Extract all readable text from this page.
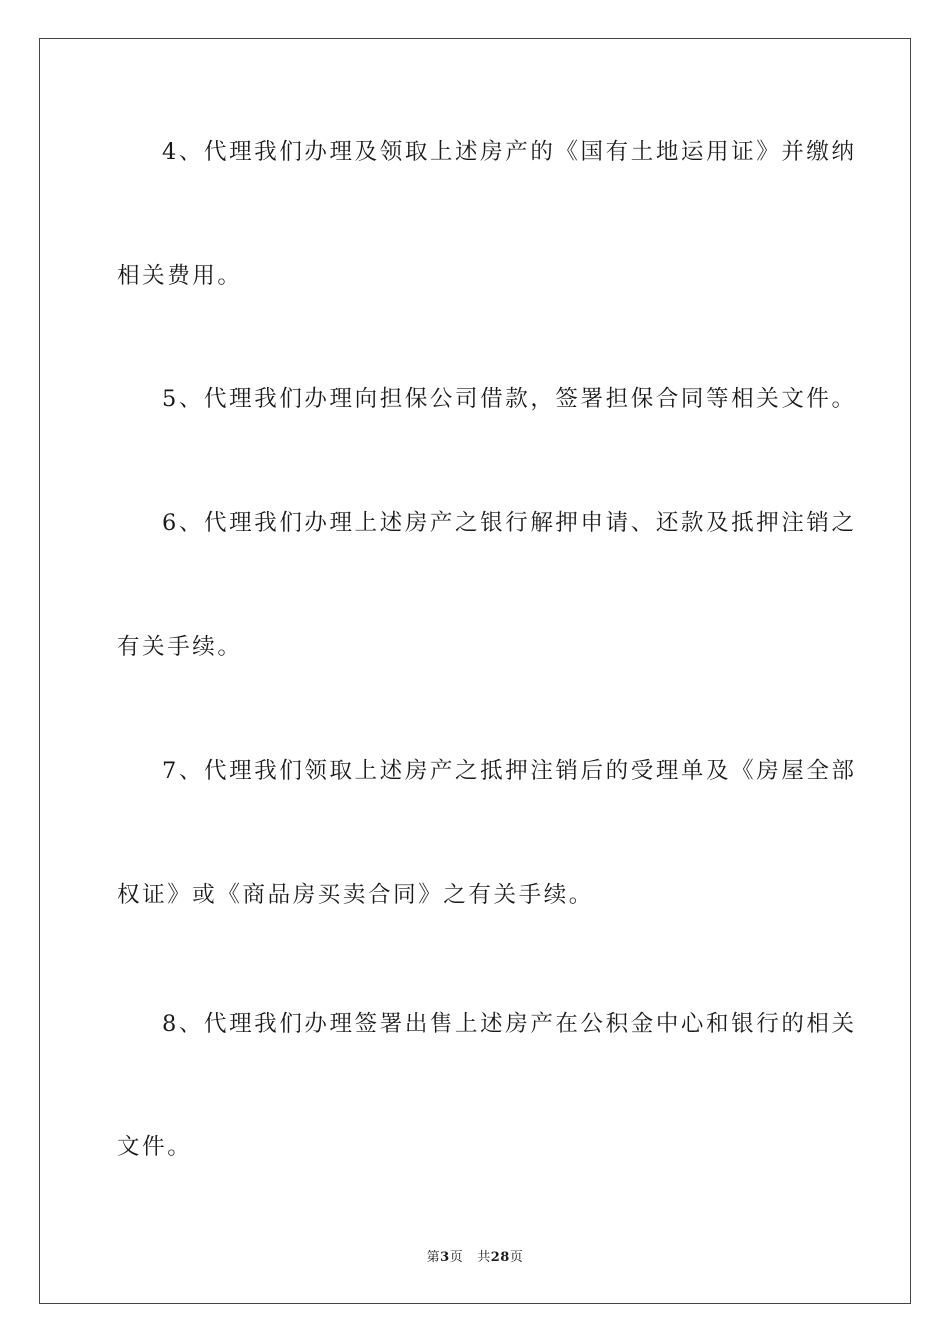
4、代理我们办理及领取上述房产的《国有土地运用证》并缴纳
相关费用。
5、代理我们办理向担保公司借款，签署担保合同等相关文件。
6、代理我们办理上述房产之银行解押申请、还款及抵押注销之
有关手续。
7、代理我们领取上述房产之抵押注销后的受理单及《房屋全部
权证》或《商品房买卖合同》之有关手续。
8、代理我们办理签署出售上述房产在公积金中心和银行的相关
文件。
第3页 共28页
